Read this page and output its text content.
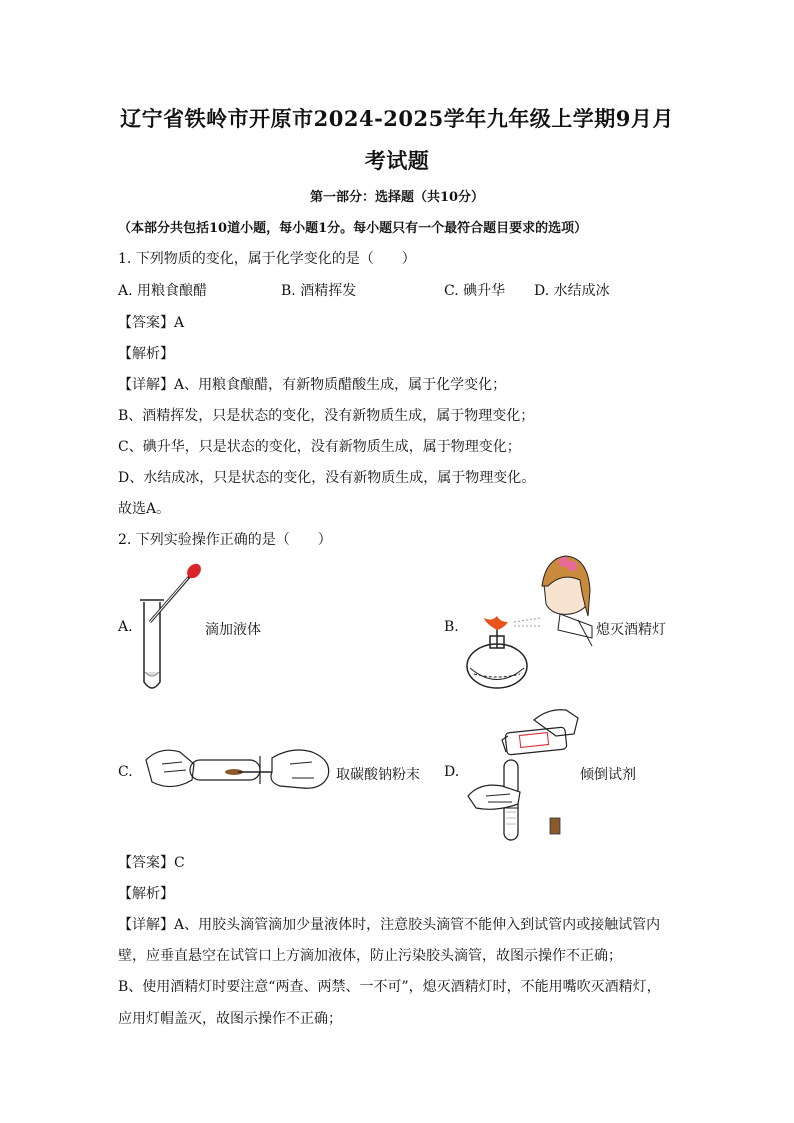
辽宁省铁岭市开原市2024-2025学年九年级上学期9月月
考试题
第一部分：选择题（共10分）
（本部分共包括10道小题，每小题1分。每小题只有一个最符合题目要求的选项）
1. 下列物质的变化，属于化学变化的是（　　）
A. 用粮食酿醋	B. 酒精挥发	C. 碘升华 D. 水结成冰
【答案】A
【解析】
【详解】A、用粮食酿醋，有新物质醋酸生成，属于化学变化；
B、酒精挥发，只是状态的变化，没有新物质生成，属于物理变化；
C、碘升华，只是状态的变化，没有新物质生成，属于物理变化；
D、水结成冰，只是状态的变化，没有新物质生成，属于物理变化。
故选A。
2. 下列实验操作正确的是（　　）
A.	滴加液体	B.	熄灭酒精灯
C.	取碳酸钠粉末 D.	倾倒试剂
【答案】C
【解析】
【详解】A、用胶头滴管滴加少量液体时，注意胶头滴管不能伸入到试管内或接触试管内
壁，应垂直悬空在试管口上方滴加液体，防止污染胶头滴管，故图示操作不正确；
B、使用酒精灯时要注意“两查、两禁、一不可”，熄灭酒精灯时，不能用嘴吹灭酒精灯，
应用灯帽盖灭，故图示操作不正确；
